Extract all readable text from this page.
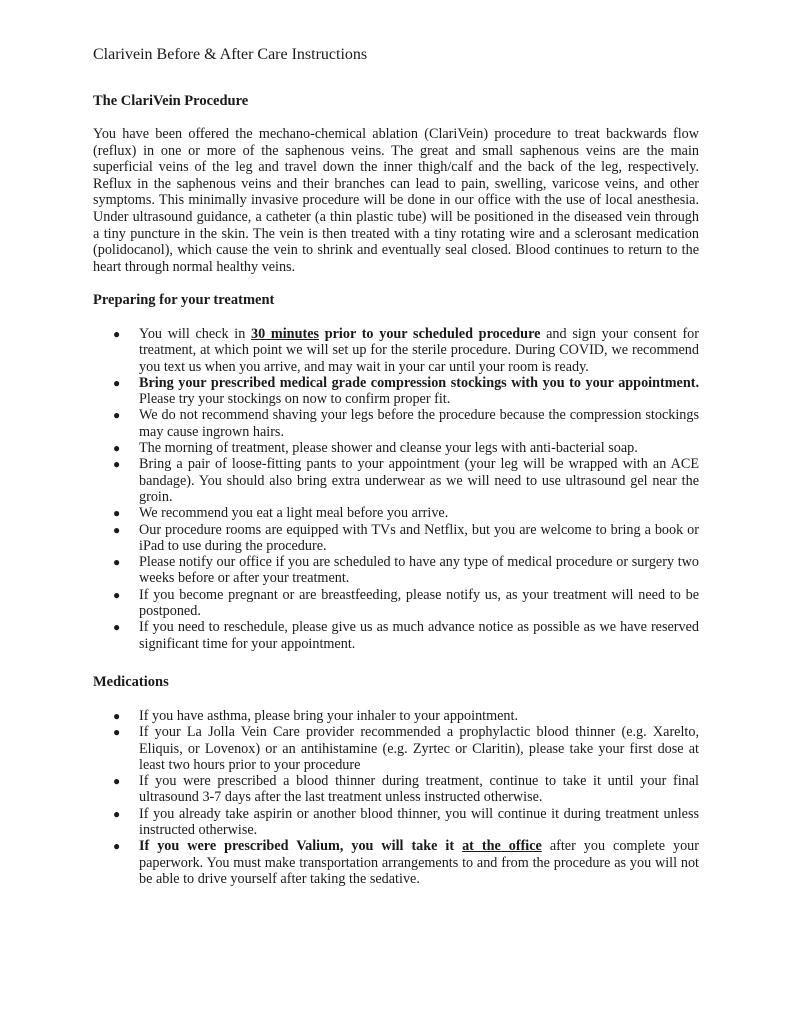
Clarivein Before & After Care Instructions
The ClariVein Procedure
You have been offered the mechano-chemical ablation (ClariVein) procedure to treat backwards flow (reflux) in one or more of the saphenous veins. The great and small saphenous veins are the main superficial veins of the leg and travel down the inner thigh/calf and the back of the leg, respectively. Reflux in the saphenous veins and their branches can lead to pain, swelling, varicose veins, and other symptoms. This minimally invasive procedure will be done in our office with the use of local anesthesia. Under ultrasound guidance, a catheter (a thin plastic tube) will be positioned in the diseased vein through a tiny puncture in the skin. The vein is then treated with a tiny rotating wire and a sclerosant medication (polidocanol), which cause the vein to shrink and eventually seal closed. Blood continues to return to the heart through normal healthy veins.
Preparing for your treatment
● You will check in 30 minutes prior to your scheduled procedure and sign your consent for treatment, at which point we will set up for the sterile procedure. During COVID, we recommend you text us when you arrive, and may wait in your car until your room is ready.
● Bring your prescribed medical grade compression stockings with you to your appointment. Please try your stockings on now to confirm proper fit.
● We do not recommend shaving your legs before the procedure because the compression stockings may cause ingrown hairs.
● The morning of treatment, please shower and cleanse your legs with anti-bacterial soap.
● Bring a pair of loose-fitting pants to your appointment (your leg will be wrapped with an ACE bandage). You should also bring extra underwear as we will need to use ultrasound gel near the groin.
● We recommend you eat a light meal before you arrive.
● Our procedure rooms are equipped with TVs and Netflix, but you are welcome to bring a book or iPad to use during the procedure.
● Please notify our office if you are scheduled to have any type of medical procedure or surgery two weeks before or after your treatment.
● If you become pregnant or are breastfeeding, please notify us, as your treatment will need to be postponed.
● If you need to reschedule, please give us as much advance notice as possible as we have reserved significant time for your appointment.
Medications
● If you have asthma, please bring your inhaler to your appointment.
● If your La Jolla Vein Care provider recommended a prophylactic blood thinner (e.g. Xarelto, Eliquis, or Lovenox) or an antihistamine (e.g. Zyrtec or Claritin), please take your first dose at least two hours prior to your procedure
● If you were prescribed a blood thinner during treatment, continue to take it until your final ultrasound 3-7 days after the last treatment unless instructed otherwise.
● If you already take aspirin or another blood thinner, you will continue it during treatment unless instructed otherwise.
● If you were prescribed Valium, you will take it at the office after you complete your paperwork. You must make transportation arrangements to and from the procedure as you will not be able to drive yourself after taking the sedative.
